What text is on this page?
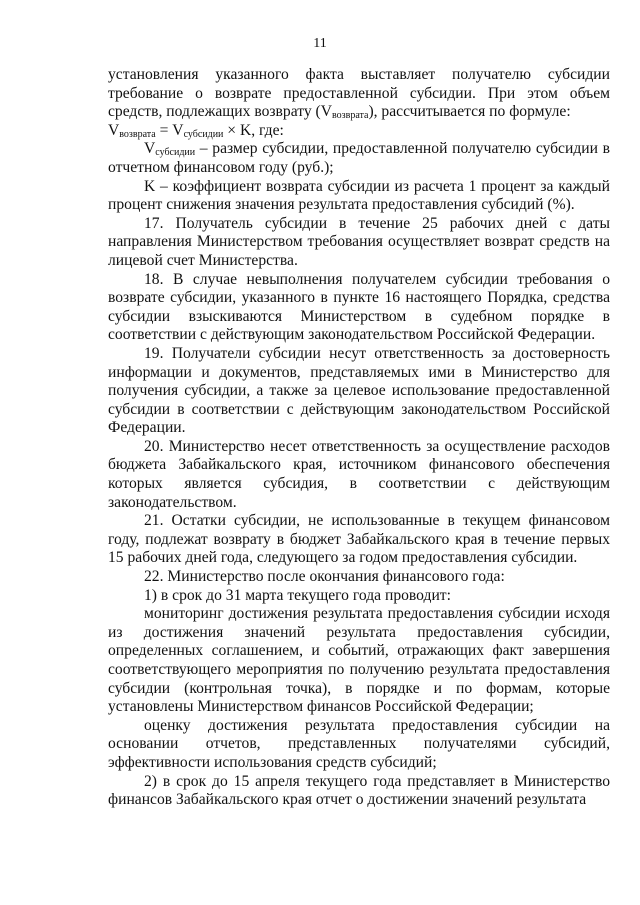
11

установления указанного факта выставляет получателю субсидии требование о возврате предоставленной субсидии. При этом объем средств, подлежащих возврату $(V_{возврата})$, рассчитывается по формуле:

$V_{возврата} = V_{субсидии} \times K$, где:

$V_{субсидии}$ – размер субсидии, предоставленной получателю субсидии в отчетном финансовом году (руб.);

K – коэффициент возврата субсидии из расчета 1 процент за каждый процент снижения значения результата предоставления субсидий (%).

17. Получатель субсидии в течение 25 рабочих дней с даты направления Министерством требования осуществляет возврат средств на лицевой счет Министерства.

18. В случае невыполнения получателем субсидии требования о возврате субсидии, указанного в пункте 16 настоящего Порядка, средства субсидии взыскиваются Министерством в судебном порядке в соответствии с действующим законодательством Российской Федерации.

19. Получатели субсидии несут ответственность за достоверность информации и документов, представляемых ими в Министерство для получения субсидии, а также за целевое использование предоставленной субсидии в соответствии с действующим законодательством Российской Федерации.

20. Министерство несет ответственность за осуществление расходов бюджета Забайкальского края, источником финансового обеспечения которых является субсидия, в соответствии с действующим законодательством.

21. Остатки субсидии, не использованные в текущем финансовом году, подлежат возврату в бюджет Забайкальского края в течение первых 15 рабочих дней года, следующего за годом предоставления субсидии.

22. Министерство после окончания финансового года:

1) в срок до 31 марта текущего года проводит:

мониторинг достижения результата предоставления субсидии исходя из достижения значений результата предоставления субсидии, определенных соглашением, и событий, отражающих факт завершения соответствующего мероприятия по получению результата предоставления субсидии (контрольная точка), в порядке и по формам, которые установлены Министерством финансов Российской Федерации;

оценку достижения результата предоставления субсидии на основании отчетов, представленных получателями субсидий, эффективности использования средств субсидий;

2) в срок до 15 апреля текущего года представляет в Министерство финансов Забайкальского края отчет о достижении значений результата
